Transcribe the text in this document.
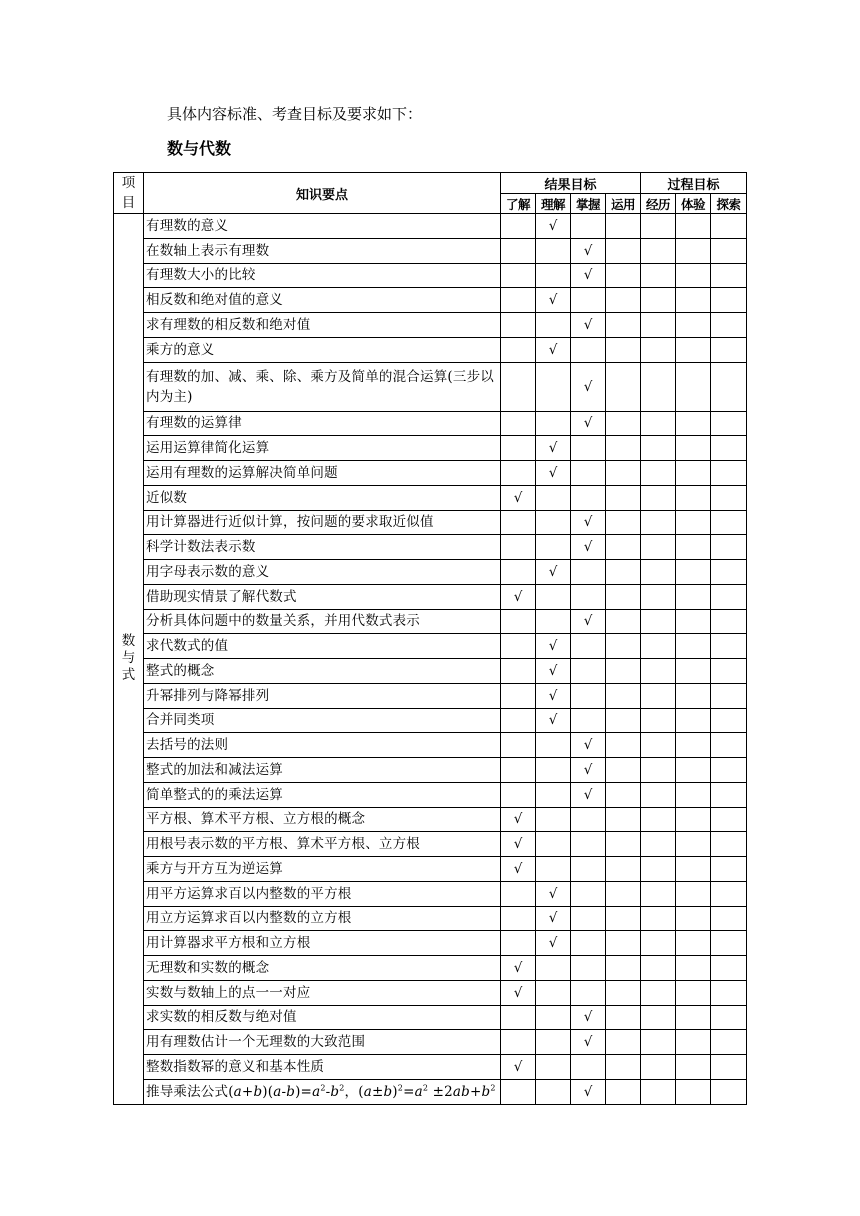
具体内容标准、考查目标及要求如下：

数与代数

项
目	知识要点	结果目标				过程目标		
		了解	理解	掌握	运用	经历	体验	探索
数
与
式	有理数的意义		√					
	在数轴上表示有理数			√				
	有理数大小的比较			√				
	相反数和绝对值的意义		√					
	求有理数的相反数和绝对值			√				
	乘方的意义		√					
	有理数的加、减、乘、除、乘方及简单的混合运算(三步以内为主)			√				
	有理数的运算律			√				
	运用运算律简化运算		√					
	运用有理数的运算解决简单问题		√					
	近似数	√						
	用计算器进行近似计算，按问题的要求取近似值			√				
	科学计数法表示数			√				
	用字母表示数的意义		√					
	借助现实情景了解代数式	√						
	分析具体问题中的数量关系，并用代数式表示			√				
	求代数式的值		√					
	整式的概念		√					
	升幂排列与降幂排列		√					
	合并同类项		√					
	去括号的法则			√				
	整式的加法和减法运算			√				
	简单整式的的乘法运算			√				
	平方根、算术平方根、立方根的概念	√						
	用根号表示数的平方根、算术平方根、立方根	√						
	乘方与开方互为逆运算	√						
	用平方运算求百以内整数的平方根		√					
	用立方运算求百以内整数的立方根		√					
	用计算器求平方根和立方根		√					
	无理数和实数的概念	√						
	实数与数轴上的点一一对应	√						
	求实数的相反数与绝对值			√				
	用有理数估计一个无理数的大致范围			√				
	整数指数幂的意义和基本性质	√						
	推导乘法公式$(a+b)(a-b)=a^2-b^2$，$(a\pm b)^2=a^2 \pm 2ab+b^2$			√				
